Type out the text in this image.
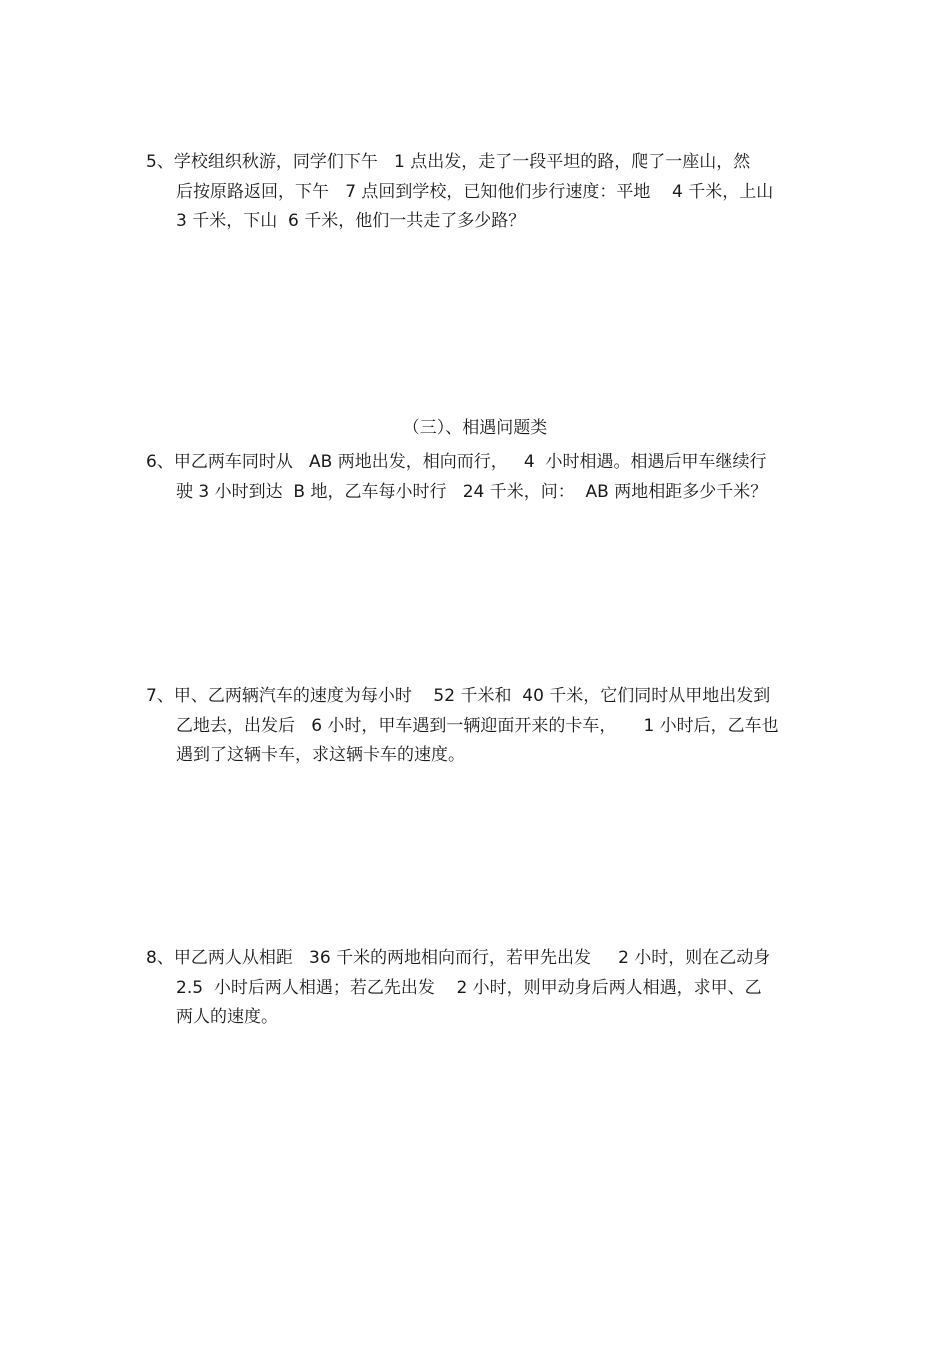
5、学校组织秋游，同学们下午   1 点出发，走了一段平坦的路，爬了一座山，然
后按原路返回，下午   7 点回到学校，已知他们步行速度：平地    4 千米，上山
3 千米，下山  6 千米，他们一共走了多少路？
（三）、相遇问题类
6、甲乙两车同时从   AB 两地出发，相向而行，   4  小时相遇。相遇后甲车继续行
驶 3 小时到达  B 地，乙车每小时行   24 千米，问：  AB 两地相距多少千米？
7、甲、乙两辆汽车的速度为每小时    52 千米和  40 千米，它们同时从甲地出发到
乙地去，出发后   6 小时，甲车遇到一辆迎面开来的卡车，     1 小时后，乙车也
遇到了这辆卡车，求这辆卡车的速度。
8、甲乙两人从相距   36 千米的两地相向而行，若甲先出发     2 小时，则在乙动身
2.5  小时后两人相遇；若乙先出发    2 小时，则甲动身后两人相遇，求甲、乙
两人的速度。
